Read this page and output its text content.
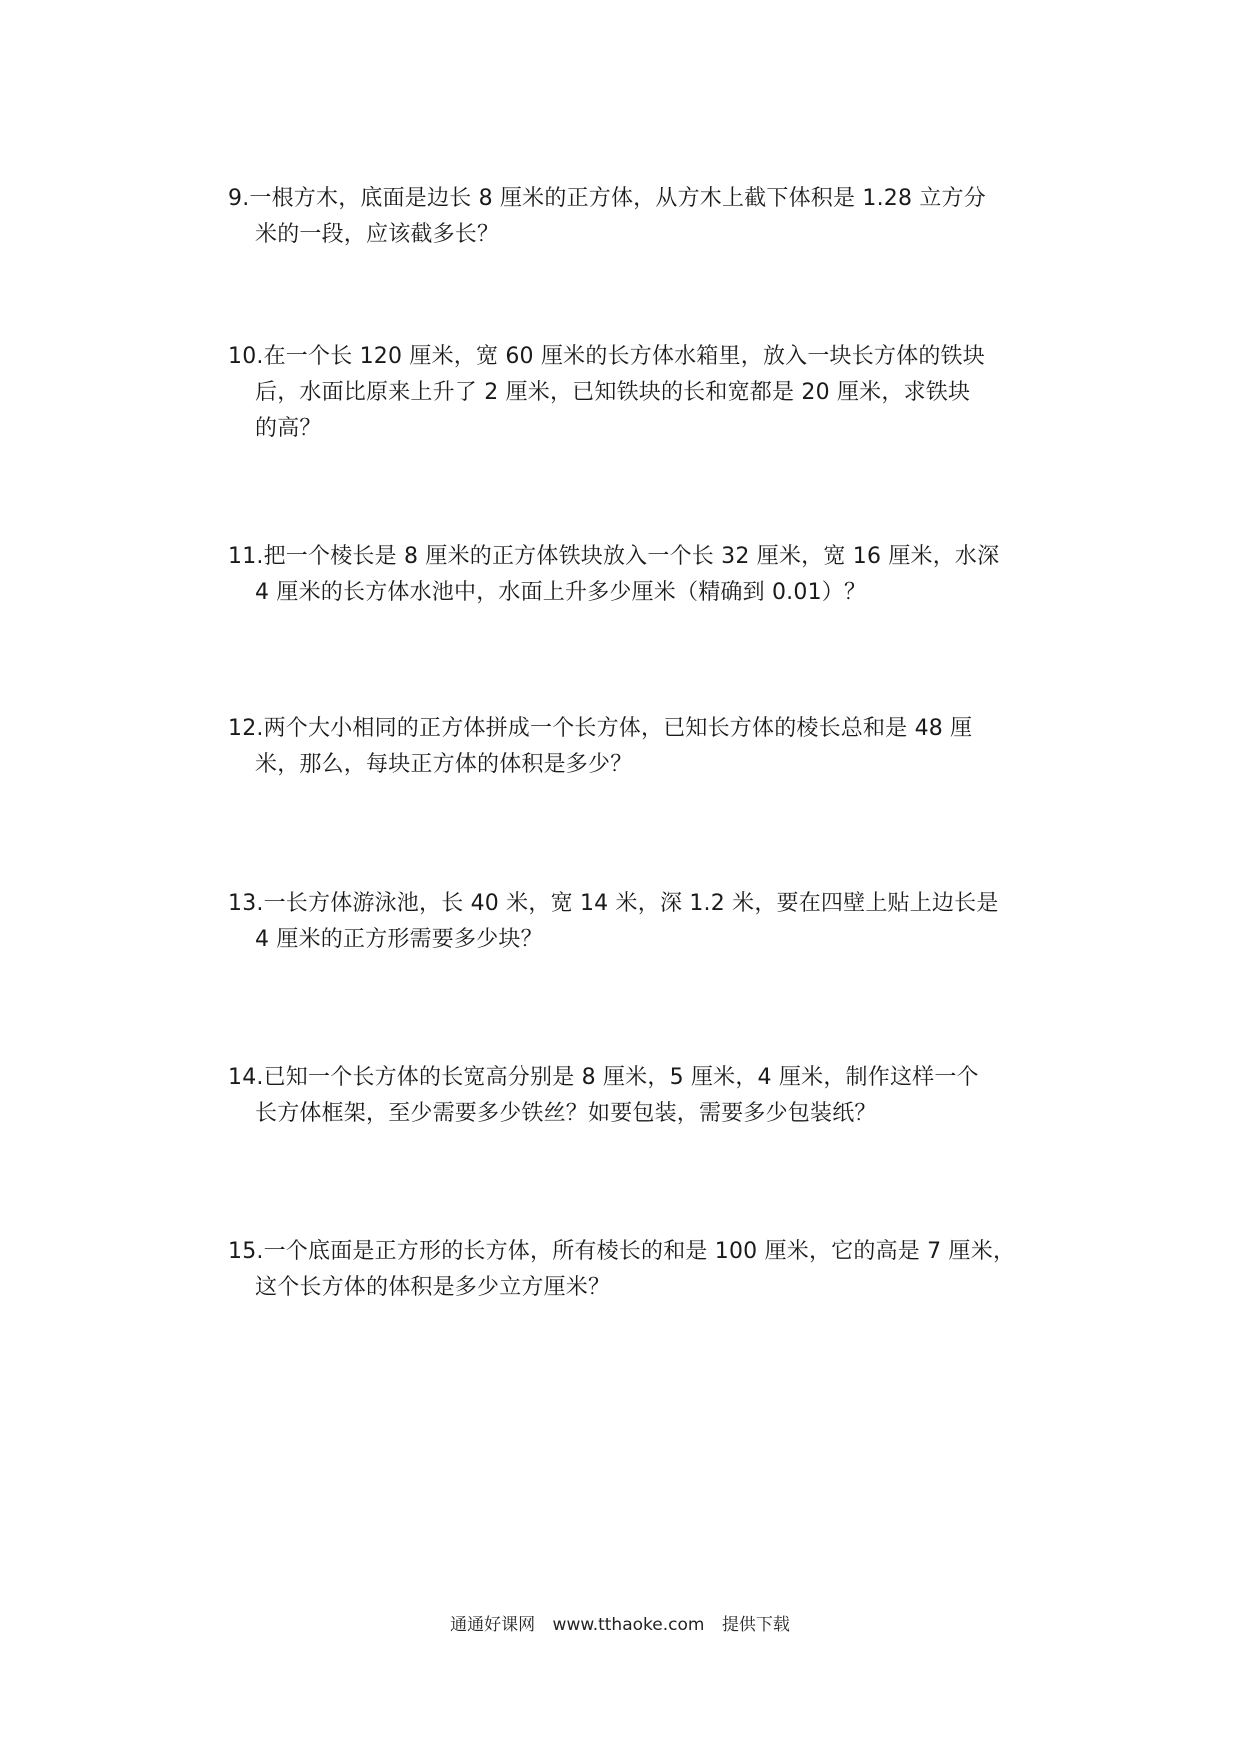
9.一根方木，底面是边长 8 厘米的正方体，从方木上截下体积是 1.28 立方分
米的一段，应该截多长？
10.在一个长 120 厘米，宽 60 厘米的长方体水箱里，放入一块长方体的铁块
后，水面比原来上升了 2 厘米，已知铁块的长和宽都是 20 厘米，求铁块
的高？
11.把一个棱长是 8 厘米的正方体铁块放入一个长 32 厘米，宽 16 厘米，水深
4 厘米的长方体水池中，水面上升多少厘米（精确到 0.01）？
12.两个大小相同的正方体拼成一个长方体，已知长方体的棱长总和是 48 厘
米，那么，每块正方体的体积是多少？
13.一长方体游泳池，长 40 米，宽 14 米，深 1.2 米，要在四壁上贴上边长是
4 厘米的正方形需要多少块？
14.已知一个长方体的长宽高分别是 8 厘米，5 厘米，4 厘米，制作这样一个
长方体框架，至少需要多少铁丝？如要包装，需要多少包装纸？
15.一个底面是正方形的长方体，所有棱长的和是 100 厘米，它的高是 7 厘米，
这个长方体的体积是多少立方厘米？
通通好课网 www.tthaoke.com 提供下载
